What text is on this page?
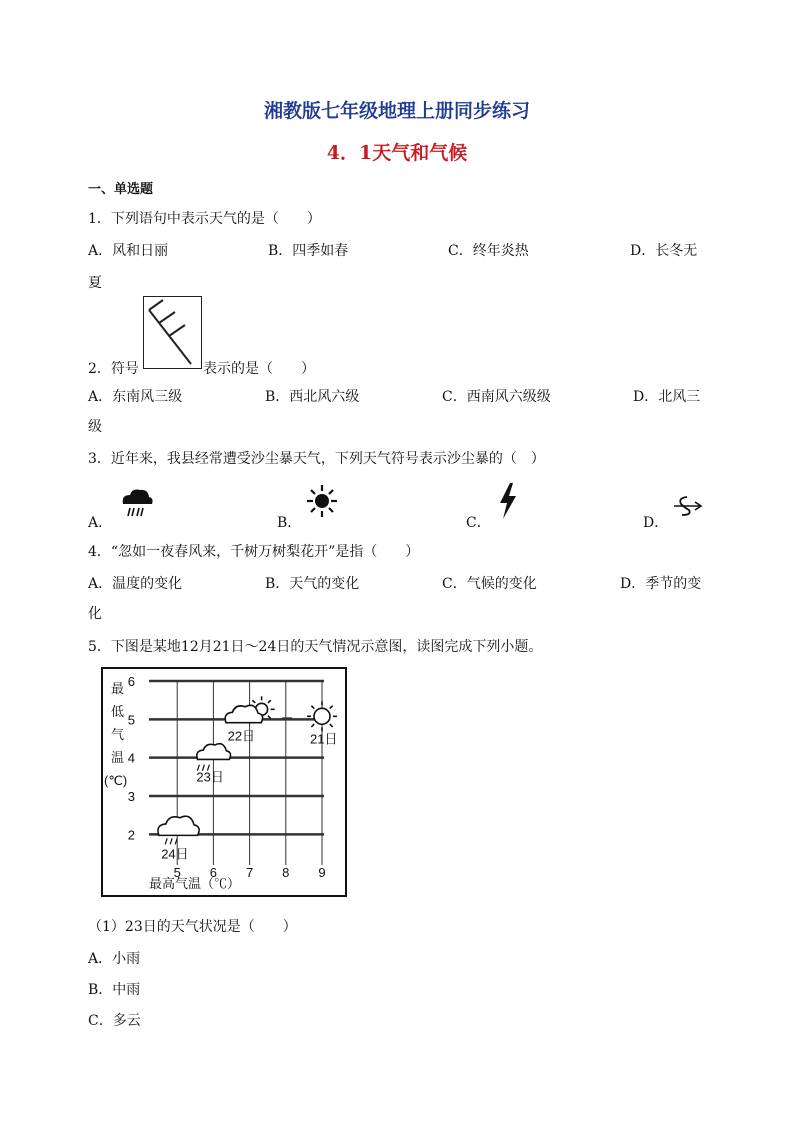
湘教版七年级地理上册同步练习
4．1天气和气候
一、单选题
1．下列语句中表示天气的是（　　）
A．风和日丽	B．四季如春	C．终年炎热	D．长冬无
夏
2．符号	表示的是（　　）
A．东南风三级	B．西北风六级	C．西南风六级级	D．北风三
级
3．近年来，我县经常遭受沙尘暴天气，下列天气符号表示沙尘暴的（　）
A．	B．	C．	D．
4．“忽如一夜春风来，千树万树梨花开”是指（　　）
A．温度的变化	B．天气的变化	C．气候的变化	D．季节的变
化
5．下图是某地12月21日～24日的天气情况示意图，读图完成下列小题。
2
3
4
5
6
最
低
气
温
(℃)
5 6 7 8 9
21日
22日
23日
24日
最高气温（℃）
（1）23日的天气状况是（　　）
A．小雨
B．中雨
C．多云
